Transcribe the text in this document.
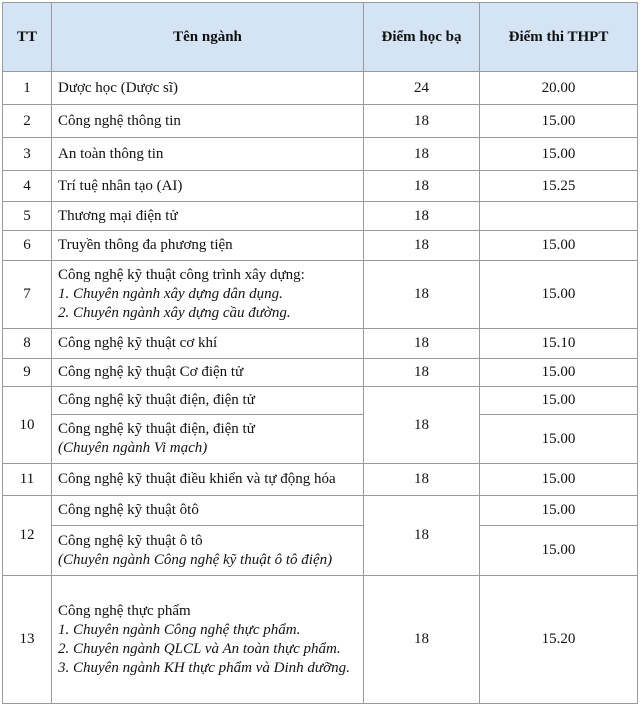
TT	Tên ngành	Điểm học bạ	Điểm thi THPT
1	Dược học (Dược sĩ)	24	20.00
2	Công nghệ thông tin	18	15.00
3	An toàn thông tin	18	15.00
4	Trí tuệ nhân tạo (AI)	18	15.25
5	Thương mại điện tử	18	
6	Truyền thông đa phương tiện	18	15.00
7	Công nghệ kỹ thuật công trình xây dựng:
1. Chuyên ngành xây dựng dân dụng.
2. Chuyên ngành xây dựng cầu đường.	18	15.00
8	Công nghệ kỹ thuật cơ khí	18	15.10
9	Công nghệ kỹ thuật Cơ điện tử	18	15.00
10	Công nghệ kỹ thuật điện, điện tử	18	15.00

	Công nghệ kỹ thuật điện, điện tử
(Chuyên ngành Vi mạch)		15.00
11	Công nghệ kỹ thuật điều khiển và tự động hóa	18	15.00
12	Công nghệ kỹ thuật ôtô	18	15.00

	Công nghệ kỹ thuật ô tô
(Chuyên ngành Công nghệ kỹ thuật ô tô điện)		15.00
13	Công nghệ thực phẩm
1. Chuyên ngành Công nghệ thực phẩm.
2. Chuyên ngành QLCL và An toàn thực phẩm.
3. Chuyên ngành KH thực phẩm và Dinh dưỡng.	18	15.20
